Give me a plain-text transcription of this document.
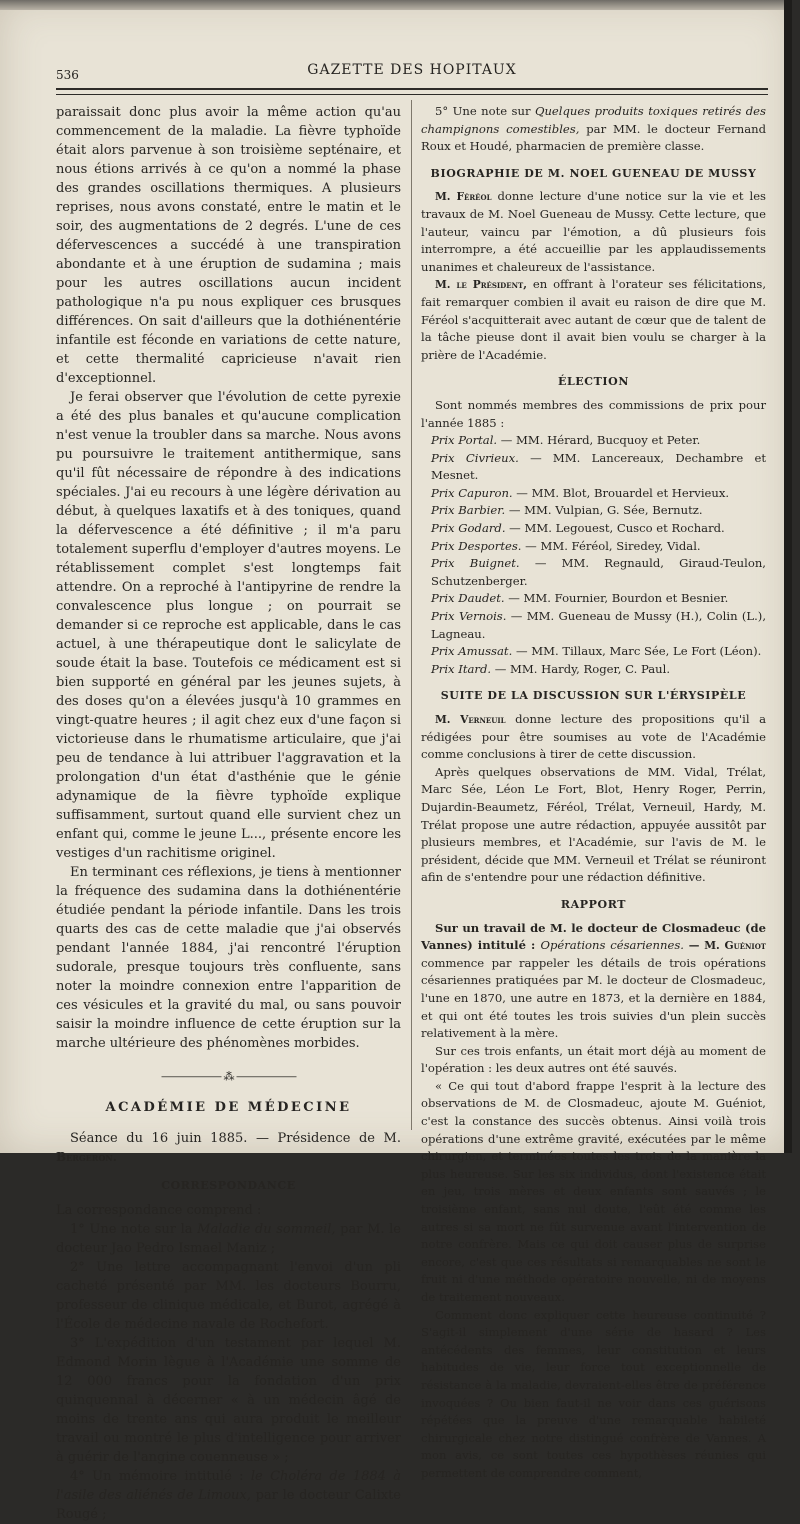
536	GAZETTE DES HOPITAUX

paraissait donc plus avoir la même action qu'au commencement de la maladie. La fièvre typhoïde était alors parvenue à son troisième septénaire, et nous étions arrivés à ce qu'on a nommé la phase des grandes oscillations thermiques. A plusieurs reprises, nous avons constaté, entre le matin et le soir, des augmentations de 2 degrés. L'une de ces défervescences a succédé à une transpiration abondante et à une éruption de sudamina ; mais pour les autres oscillations aucun incident pathologique n'a pu nous expliquer ces brusques différences. On sait d'ailleurs que la dothiénentérie infantile est féconde en variations de cette nature, et cette thermalité capricieuse n'avait rien d'exceptionnel.

Je ferai observer que l'évolution de cette pyrexie a été des plus banales et qu'aucune complication n'est venue la troubler dans sa marche. Nous avons pu poursuivre le traitement antithermique, sans qu'il fût nécessaire de répondre à des indications spéciales. J'ai eu recours à une légère dérivation au début, à quelques laxatifs et à des toniques, quand la défervescence a été définitive ; il m'a paru totalement superflu d'employer d'autres moyens. Le rétablissement complet s'est longtemps fait attendre. On a reproché à l'antipyrine de rendre la convalescence plus longue ; on pourrait se demander si ce reproche est applicable, dans le cas actuel, à une thérapeutique dont le salicylate de soude était la base. Toutefois ce médicament est si bien supporté en général par les jeunes sujets, à des doses qu'on a élevées jusqu'à 10 grammes en vingt-quatre heures ; il agit chez eux d'une façon si victorieuse dans le rhumatisme articulaire, que j'ai peu de tendance à lui attribuer l'aggravation et la prolongation d'un état d'asthénie que le génie adynamique de la fièvre typhoïde explique suffisamment, surtout quand elle survient chez un enfant qui, comme le jeune L..., présente encore les vestiges d'un rachitisme originel.

En terminant ces réflexions, je tiens à mentionner la fréquence des sudamina dans la dothiénentérie étudiée pendant la période infantile. Dans les trois quarts des cas de cette maladie que j'ai observés pendant l'année 1884, j'ai rencontré l'éruption sudorale, presque toujours très confluente, sans noter la moindre connexion entre l'apparition de ces vésicules et la gravité du mal, ou sans pouvoir saisir la moindre influence de cette éruption sur la marche ultérieure des phénomènes morbides.

—————— ⁂ ——————
ACADÉMIE DE MÉDECINE

Séance du 16 juin 1885. — Présidence de M. Bergeron.

CORRESPONDANCE

La correspondance comprend :

1° Une note sur la Maladie du sommeil, par M. le docteur Jao Pedro Ismael Maniz ;

2° Une lettre accompagnant l'envoi d'un pli cacheté présenté par MM. les docteurs Bourru, professeur de clinique médicale, et Burot, agrégé à l'École de médecine navale de Rochefort.

3° L'expédition d'un testament par lequel M. Edmond Morin lègue à l'Académie une somme de 12 000 francs pour la fondation d'un prix quinquennal à décerner « à un médecin âgé de moins de trente ans qui aura produit le meilleur travail ou montré le plus d'intelligence pour arriver à guérir de l'angine couenneuse » ;

4° Un mémoire intitulé : le Choléra de 1884 à l'asile des aliénés de Limoux, par le docteur Calixte Rougé ;

5° Une note sur Quelques produits toxiques retirés des champignons comestibles, par MM. le docteur Fernand Roux et Houdé, pharmacien de première classe.

BIOGRAPHIE DE M. NOEL GUENEAU DE MUSSY

M. Féréol donne lecture d'une notice sur la vie et les travaux de M. Noel Gueneau de Mussy. Cette lecture, que l'auteur, vaincu par l'émotion, a dû plusieurs fois interrompre, a été accueillie par les applaudissements unanimes et chaleureux de l'assistance.

M. le Président, en offrant à l'orateur ses félicitations, fait remarquer combien il avait eu raison de dire que M. Féréol s'acquitterait avec autant de cœur que de talent de la tâche pieuse dont il avait bien voulu se charger à la prière de l'Académie.

ÉLECTION

Sont nommés membres des commissions de prix pour l'année 1885 :

Prix Portal. — MM. Hérard, Bucquoy et Peter.

Prix Civrieux. — MM. Lancereaux, Dechambre et Mesnet.

Prix Capuron. — MM. Blot, Brouardel et Hervieux.

Prix Barbier. — MM. Vulpian, G. Sée, Bernutz.

Prix Godard. — MM. Legouest, Cusco et Rochard.

Prix Desportes. — MM. Féréol, Siredey, Vidal.

Prix Buignet. — MM. Regnauld, Giraud-Teulon, Schutzenberger.

Prix Daudet. — MM. Fournier, Bourdon et Besnier.

Prix Vernois. — MM. Gueneau de Mussy (H.), Colin (L.), Lagneau.

Prix Amussat. — MM. Tillaux, Marc Sée, Le Fort (Léon).

Prix Itard. — MM. Hardy, Roger, C. Paul.

SUITE DE LA DISCUSSION SUR L'ÉRYSIPÈLE

M. Verneuil donne lecture des propositions qu'il a rédigées pour être soumises au vote de l'Académie comme conclusions à tirer de cette discussion.

Après quelques observations de MM. Vidal, Trélat, Marc Sée, Léon Le Fort, Blot, Henry Roger, Perrin, Dujardin-Beaumetz, Féréol, Trélat, Verneuil, Hardy, M. Trélat propose une autre rédaction, appuyée aussitôt par plusieurs membres, et l'Académie, sur l'avis de M. le président, décide que MM. Verneuil et Trélat se réuniront afin de s'entendre pour une rédaction définitive.

RAPPORT

Sur un travail de M. le docteur de Closmadeuc (de Vannes) intitulé : Opérations césariennes. — M. Guéniot commence par rappeler les détails de trois opérations césariennes pratiquées par M. le docteur de Closmadeuc, l'une en 1870, une autre en 1873, et la dernière en 1884, et qui ont été toutes les trois suivies d'un plein succès relativement à la mère.

Sur ces trois enfants, un était mort déjà au moment de l'opération : les deux autres ont été sauvés.

« Ce qui tout d'abord frappe l'esprit à la lecture des observations de M. de Closmadeuc, ajoute M. Guéniot, c'est la constance des succès obtenus. Ainsi voilà trois opérations d'une extrême gravité, exécutées par le même chirurgien, et terminées toutes les trois de la manière la plus heureuse. Sur les six individus, dont l'existence était en jeu, trois mères et deux enfants sont sauvés ; le troisième enfant, sans nul doute, l'eût été comme les autres si sa mort ne fût survenue avant l'intervention de notre confrère. Mais ce qui doit causer plus de surprise encore, c'est que ces résultats si remarquables ne sont le fruit ni d'une méthode opératoire nouvelle, ni de moyens de traitement nouveaux.

Comment donc expliquer cette heureuse continuité ? S'agit-il simplement d'une série de hasard ? Les antécédents des femmes, leur constitution et leurs habitudes de vie, leur force tout exceptionnelle de résistance à la maladie, devraient-elles être de préférence invoquées ? Ou bien faut-il ne voir dans ces guérisons répétées que la preuve d'une remarquable habileté chirurgicale chez notre distingué confrère de Vannes. A mon avis, ce sont toutes ces hypothèses réunies qui permettent de comprendre comment,
